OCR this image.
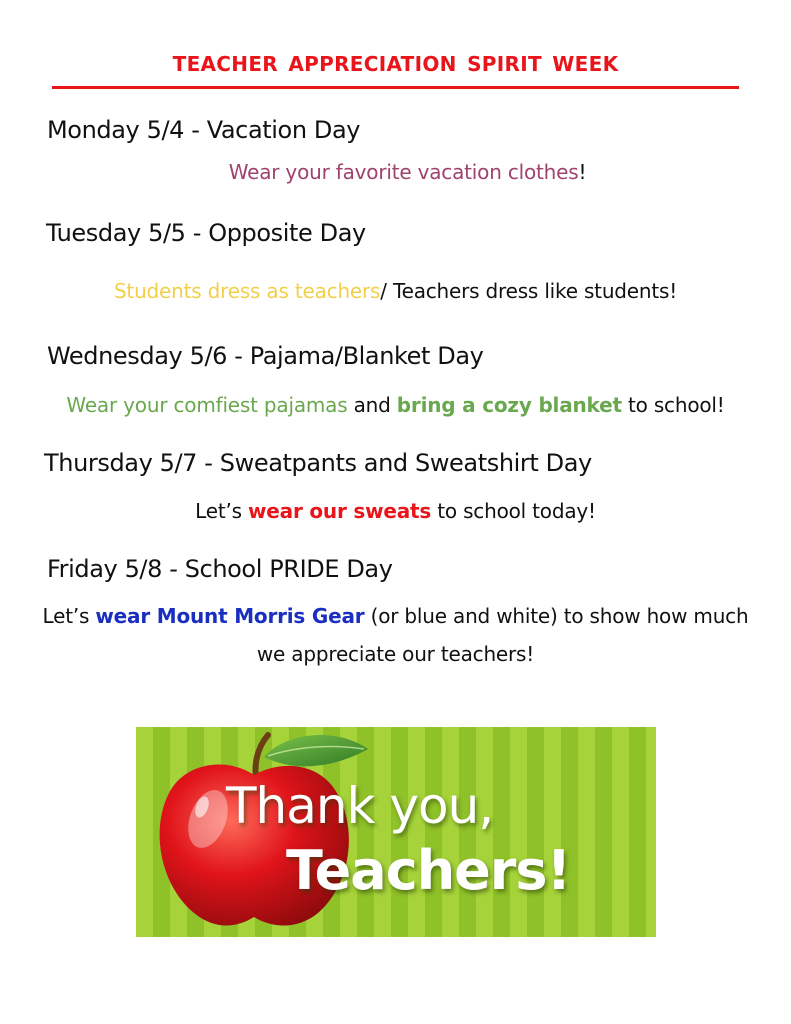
teacher appreciation spirit week
Monday 5/4 - Vacation Day
Wear your favorite vacation clothes!
Tuesday 5/5 - Opposite Day
Students dress as teachers/ Teachers dress like students!
Wednesday 5/6 - Pajama/Blanket Day
Wear your comfiest pajamas and bring a cozy blanket to school!
Thursday 5/7 - Sweatpants and Sweatshirt Day
Let’s wear our sweats to school today!
Friday 5/8 - School PRIDE Day
Let’s wear Mount Morris Gear (or blue and white) to show how much we appreciate our teachers!
Thank you,
Teachers!
